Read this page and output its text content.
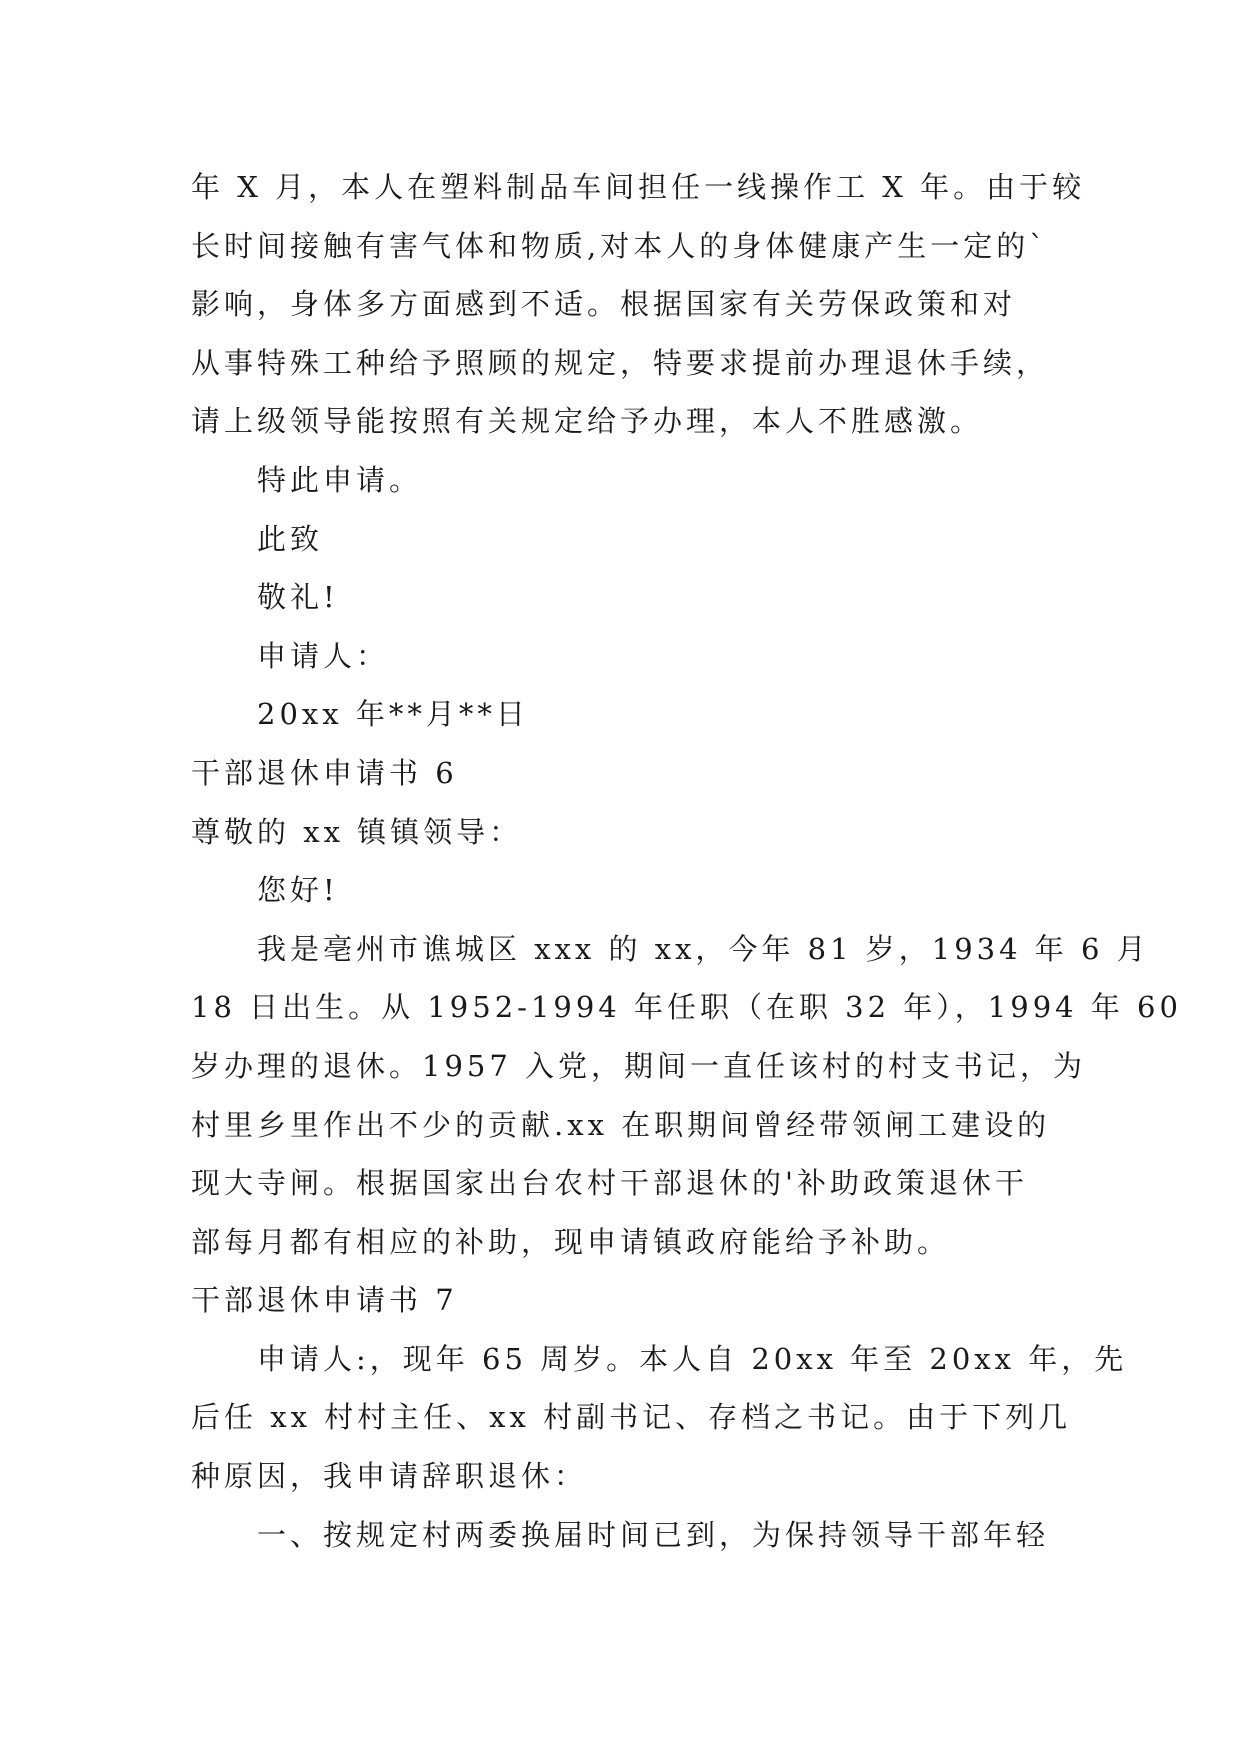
年 X 月，本人在塑料制品车间担任一线操作工 X 年。由于较
长时间接触有害气体和物质,对本人的身体健康产生一定的`
影响，身体多方面感到不适。根据国家有关劳保政策和对
从事特殊工种给予照顾的规定，特要求提前办理退休手续，
请上级领导能按照有关规定给予办理，本人不胜感激。
特此申请。
此致
敬礼!
申请人：
20xx 年**月**日
干部退休申请书 6
尊敬的 xx 镇镇领导：
您好!
我是亳州市谯城区 xxx 的 xx，今年 81 岁，1934 年 6 月
18 日出生。从 1952-1994 年任职（在职 32 年），1994 年 60
岁办理的退休。1957 入党，期间一直任该村的村支书记，为
村里乡里作出不少的贡献.xx 在职期间曾经带领闸工建设的
现大寺闸。根据国家出台农村干部退休的'补助政策退休干
部每月都有相应的补助，现申请镇政府能给予补助。
干部退休申请书 7
申请人:，现年 65 周岁。本人自 20xx 年至 20xx 年，先
后任 xx 村村主任、xx 村副书记、存档之书记。由于下列几
种原因，我申请辞职退休：
一、按规定村两委换届时间已到，为保持领导干部年轻
